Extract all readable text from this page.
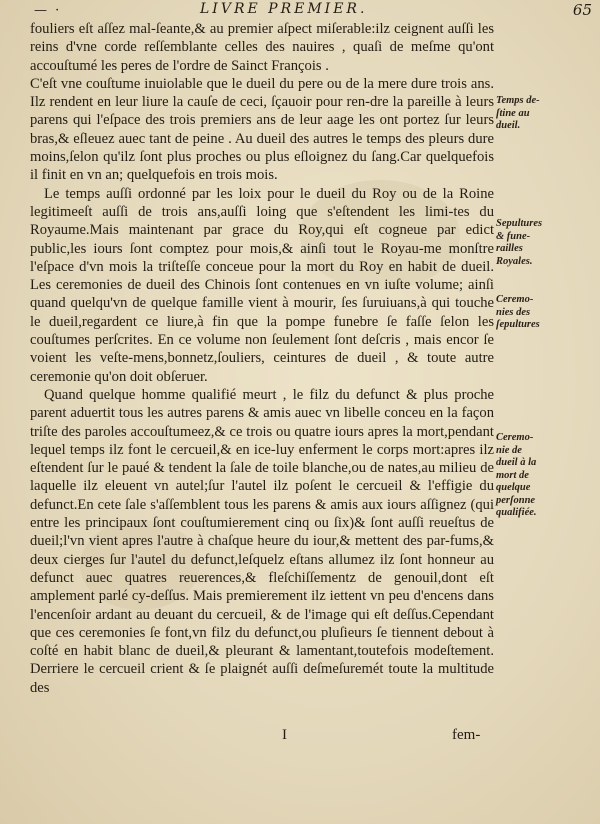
— ·	LIVRE PREMIER.	65

fouliers eſt aſſez mal-ſeante,& au premier aſpect miſerable:ilz ceignent auſſi les reins d'vne corde reſſemblante celles des nauires , quaſi de meſme qu'ont accouſtumé les peres de l'ordre de Sainct François .

C'eſt vne couſtume inuiolable que le dueil du pere ou de la mere dure trois ans. Ilz rendent en leur liure la cauſe de ceci, ſçauoir pour ren-dre la pareille à leurs parens qui l'eſpace des trois premiers ans de leur aage les ont portez ſur leurs bras,& eſleuez auec tant de peine . Au dueil des autres le temps des pleurs dure moins,ſelon qu'ilz ſont plus proches ou plus eſloignez du ſang.Car quelquefois il finit en vn an; quelquefois en trois mois.

Le temps auſſi ordonné par les loix pour le dueil du Roy ou de la Roine legitimeeſt auſſi de trois ans,auſſi loing que s'eſtendent les limi-tes du Royaume.Mais maintenant par grace du Roy,qui eſt cogneue par edict public,les iours ſont comptez pour mois,& ainſi tout le Royau-me monſtre l'eſpace d'vn mois la triſteſſe conceue pour la mort du Roy en habit de dueil. Les ceremonies de dueil des Chinois ſont contenues en vn iuſte volume; ainſi quand quelqu'vn de quelque famille vient à mourir, ſes ſuruiuans,à qui touche le dueil,regardent ce liure,à fin que la pompe funebre ſe faſſe ſelon les couſtumes perſcrites. En ce volume non ſeulement ſont deſcris , mais encor ſe voient les veſte-mens,bonnetz,ſouliers, ceintures de dueil , & toute autre ceremonie qu'on doit obſeruer.

Quand quelque homme qualifié meurt , le filz du defunct & plus proche parent aduertit tous les autres parens & amis auec vn libelle conceu en la façon triſte des paroles accouſtumeez,& ce trois ou quatre iours apres la mort,pendant lequel temps ilz font le cercueil,& en ice-luy enferment le corps mort:apres ilz eſtendent ſur le paué & tendent la ſale de toile blanche,ou de nates,au milieu de laquelle ilz eleuent vn autel;ſur l'autel ilz poſent le cercueil & l'effigie du defunct.En cete ſale s'aſſemblent tous les parens & amis aux iours aſſignez (qui entre les principaux ſont couſtumierement cinq ou ſix)& ſont auſſi reueſtus de dueil;l'vn vient apres l'autre à chaſque heure du iour,& mettent des par-fums,& deux cierges ſur l'autel du defunct,leſquelz eſtans allumez ilz ſont honneur au defunct auec quatres reuerences,& fleſchiſſementz de genouil,dont eſt amplement parlé cy-deſſus. Mais premierement ilz iettent vn peu d'encens dans l'encenſoir ardant au deuant du cercueil, & de l'image qui eſt deſſus.Cependant que ces ceremonies ſe font,vn filz du defunct,ou pluſieurs ſe tiennent debout à coſté en habit blanc de dueil,& pleurant & lamentant,toutefois modeſtement. Derriere le cercueil crient & ſe plaignét auſſi deſmeſuremét toute la multitude des

Temps de-
ſtine au
dueil.
Sepultures
& fune-
railles
Royales.
Ceremo-
nies des
ſepultures
Ceremo-
nie de
dueil à la
mort de
quelque
perſonne
qualifiée.
I	fem-
